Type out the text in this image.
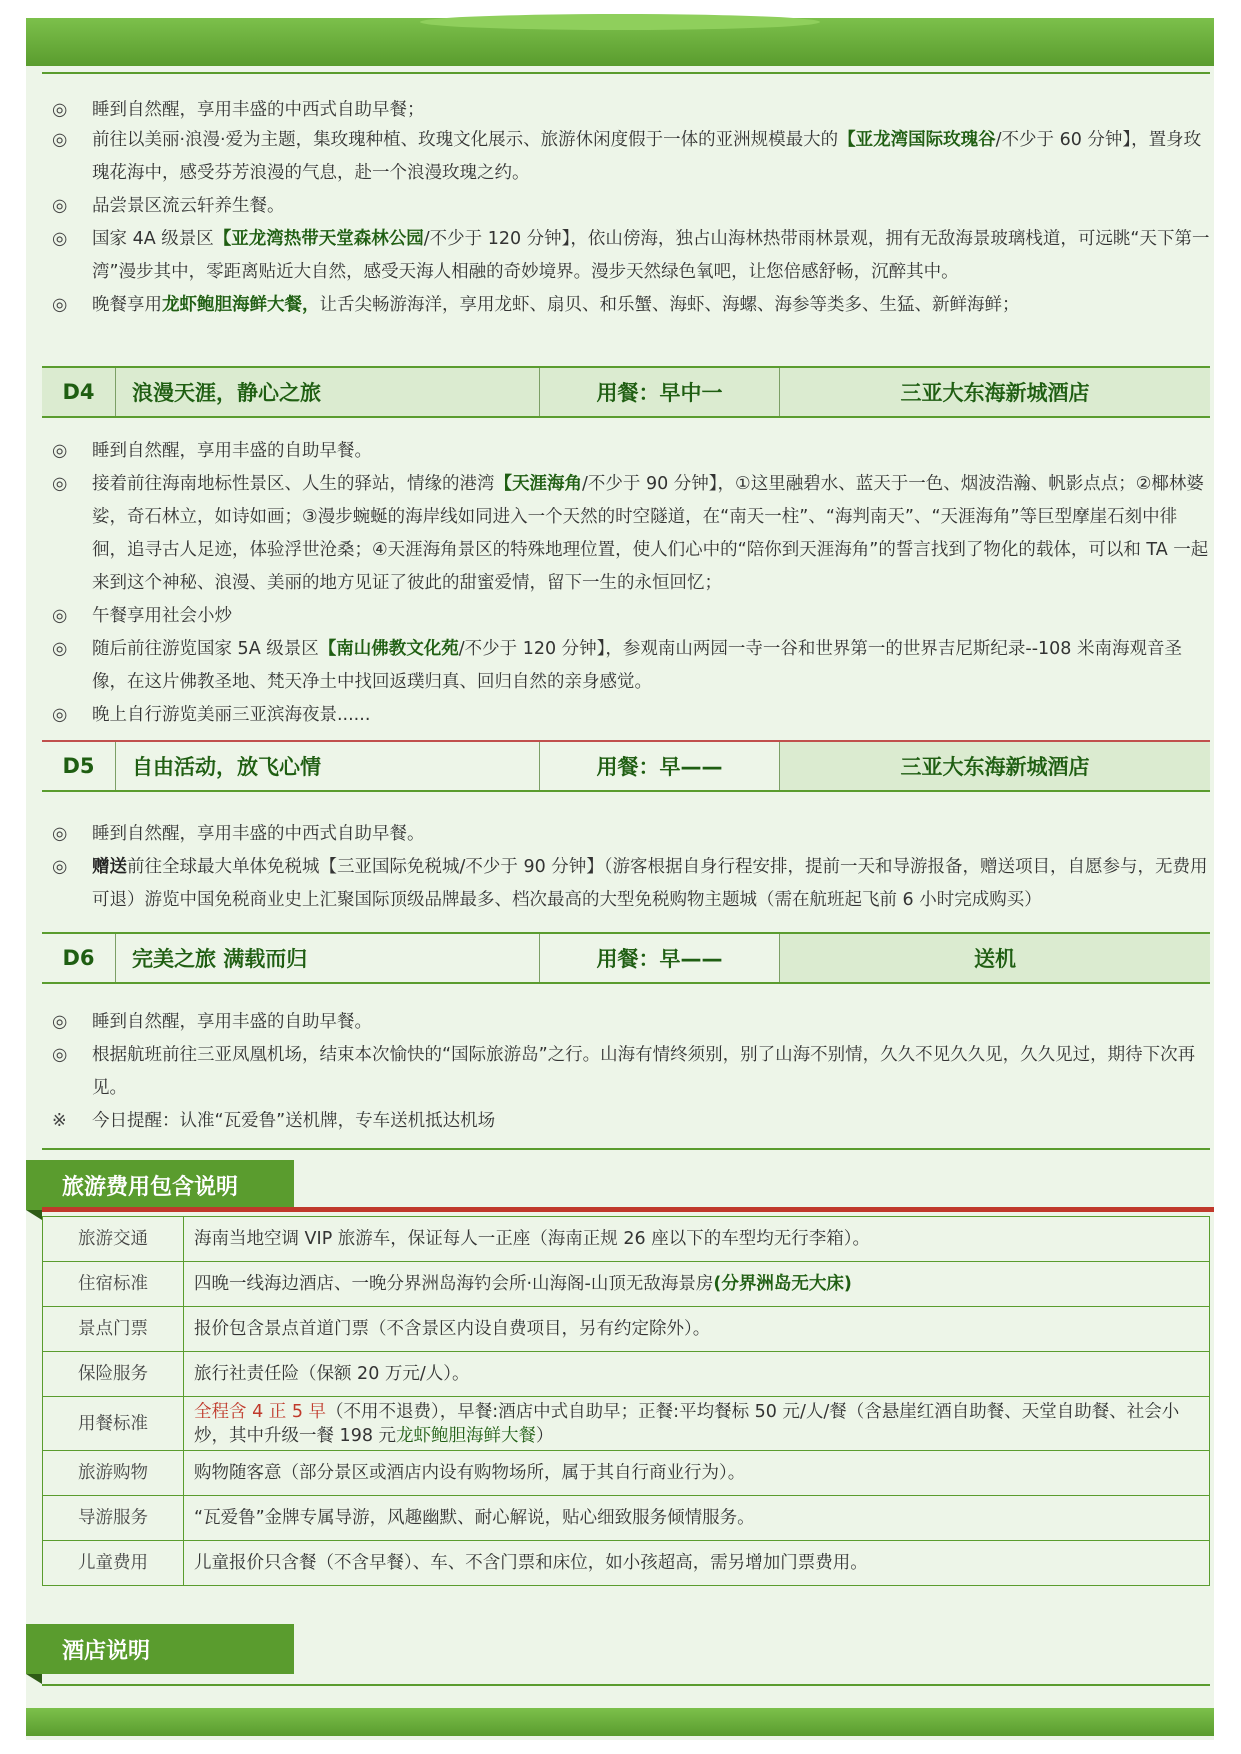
◎	睡到自然醒，享用丰盛的中西式自助早餐；
◎	前往以美丽·浪漫·爱为主题，集玫瑰种植、玫瑰文化展示、旅游休闲度假于一体的亚洲规模最大的【亚龙湾国际玫瑰谷/不少于 60 分钟】，置身玫瑰花海中，感受芬芳浪漫的气息，赴一个浪漫玫瑰之约。
◎	品尝景区流云轩养生餐。
◎	国家 4A 级景区【亚龙湾热带天堂森林公园/不少于 120 分钟】，依山傍海，独占山海林热带雨林景观，拥有无敌海景玻璃栈道，可远眺“天下第一湾”漫步其中，零距离贴近大自然，感受天海人相融的奇妙境界。漫步天然绿色氧吧，让您倍感舒畅，沉醉其中。
◎	晚餐享用龙虾鲍胆海鲜大餐，让舌尖畅游海洋，享用龙虾、扇贝、和乐蟹、海虾、海螺、海参等类多、生猛、新鲜海鲜；
D4	浪漫天涯，静心之旅	用餐：早中一	三亚大东海新城酒店
◎	睡到自然醒，享用丰盛的自助早餐。
◎	接着前往海南地标性景区、人生的驿站，情缘的港湾【天涯海角/不少于 90 分钟】，①这里融碧水、蓝天于一色、烟波浩瀚、帆影点点；②椰林婆娑，奇石林立，如诗如画；③漫步蜿蜒的海岸线如同进入一个天然的时空隧道，在“南天一柱”、“海判南天”、“天涯海角”等巨型摩崖石刻中徘徊，追寻古人足迹，体验浮世沧桑；④天涯海角景区的特殊地理位置，使人们心中的“陪你到天涯海角”的誓言找到了物化的载体，可以和 TA 一起来到这个神秘、浪漫、美丽的地方见证了彼此的甜蜜爱情，留下一生的永恒回忆；
◎	午餐享用社会小炒
◎	随后前往游览国家 5A 级景区【南山佛教文化苑/不少于 120 分钟】，参观南山两园一寺一谷和世界第一的世界吉尼斯纪录--108 米南海观音圣像，在这片佛教圣地、梵天净土中找回返璞归真、回归自然的亲身感觉。
◎	晚上自行游览美丽三亚滨海夜景......
D5	自由活动，放飞心情	用餐：早——	三亚大东海新城酒店
◎	睡到自然醒，享用丰盛的中西式自助早餐。
◎	赠送前往全球最大单体免税城【三亚国际免税城/不少于 90 分钟】（游客根据自身行程安排，提前一天和导游报备，赠送项目，自愿参与，无费用可退）游览中国免税商业史上汇聚国际顶级品牌最多、档次最高的大型免税购物主题城（需在航班起飞前 6 小时完成购买）
D6	完美之旅 满载而归	用餐：早——	送机
◎	睡到自然醒，享用丰盛的自助早餐。
◎	根据航班前往三亚凤凰机场，结束本次愉快的“国际旅游岛”之行。山海有情终须别，别了山海不别情，久久不见久久见，久久见过，期待下次再见。
※	今日提醒：认准“瓦爱鲁”送机牌，专车送机抵达机场
旅游费用包含说明
旅游交通	海南当地空调 VIP 旅游车，保证每人一正座（海南正规 26 座以下的车型均无行李箱）。
住宿标准	四晚一线海边酒店、一晚分界洲岛海钓会所·山海阁-山顶无敌海景房(分界洲岛无大床)
景点门票	报价包含景点首道门票（不含景区内设自费项目，另有约定除外）。
保险服务	旅行社责任险（保额 20 万元/人）。
用餐标准	全程含 4 正 5 早（不用不退费），早餐:酒店中式自助早；正餐:平均餐标 50 元/人/餐（含悬崖红酒自助餐、天堂自助餐、社会小炒，其中升级一餐 198 元龙虾鲍胆海鲜大餐）
旅游购物	购物随客意（部分景区或酒店内设有购物场所，属于其自行商业行为）。
导游服务	“瓦爱鲁”金牌专属导游，风趣幽默、耐心解说，贴心细致服务倾情服务。
儿童费用	儿童报价只含餐（不含早餐）、车、不含门票和床位，如小孩超高，需另增加门票费用。
酒店说明
